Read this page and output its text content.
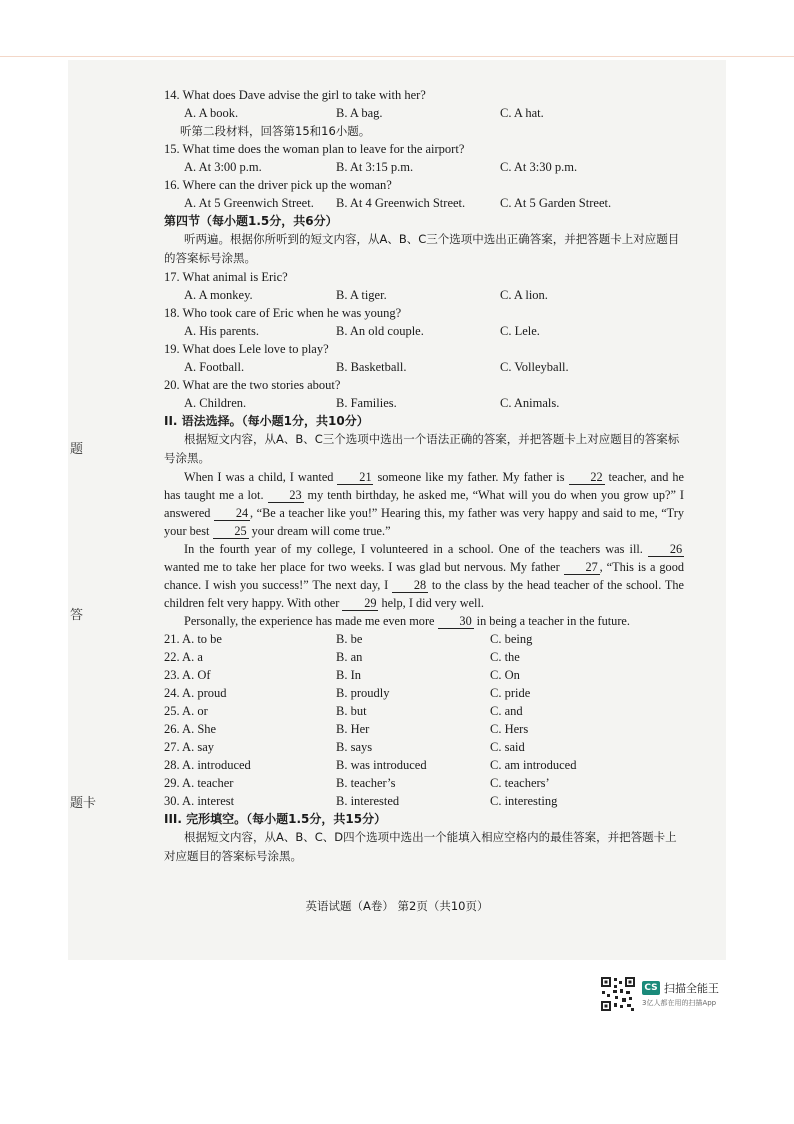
题
答
题卡
14. What does Dave advise the girl to take with her?
A. A book.	B. A bag.	C. A hat.
听第二段材料，回答第15和16小题。
15. What time does the woman plan to leave for the airport?
A. At 3:00 p.m.	B. At 3:15 p.m.	C. At 3:30 p.m.
16. Where can the driver pick up the woman?
A. At 5 Greenwich Street. B. At 4 Greenwich Street.	C. At 5 Garden Street.
第四节（每小题1.5分，共6分）
听两遍。根据你所听到的短文内容，从A、B、C三个选项中选出正确答案，并把答题卡上对应题目的答案标号涂黑。
17. What animal is Eric?
A. A monkey.	B. A tiger.	C. A lion.
18. Who took care of Eric when he was young?
A. His parents.	B. An old couple.	C. Lele.
19. What does Lele love to play?
A. Football.	B. Basketball.	C. Volleyball.
20. What are the two stories about?
A. Children.	B. Families.	C. Animals.
II. 语法选择。（每小题1分，共10分）
根据短文内容，从A、B、C三个选项中选出一个语法正确的答案，并把答题卡上对应题目的答案标号涂黑。
When I was a child, I wanted 21 someone like my father. My father is 22 teacher, and he has taught me a lot. 23 my tenth birthday, he asked me, “What will you do when you grow up?” I answered 24 , “Be a teacher like you!” Hearing this, my father was very happy and said to me, “Try your best 25 your dream will come true.”
In the fourth year of my college, I volunteered in a school. One of the teachers was ill. 26 wanted me to take her place for two weeks. I was glad but nervous. My father 27 , “This is a good chance. I wish you success!” The next day, I 28 to the class by the head teacher of the school. The children felt very happy. With other 29 help, I did very well.
Personally, the experience has made me even more 30 in being a teacher in the future.
21. A. to be	B. be	C. being
22. A. a	B. an	C. the
23. A. Of	B. In	C. On
24. A. proud	B. proudly	C. pride
25. A. or	B. but	C. and
26. A. She	B. Her	C. Hers
27. A. say	B. says	C. said
28. A. introduced	B. was introduced	C. am introduced
29. A. teacher	B. teacher’s	C. teachers’
30. A. interest	B. interested	C. interesting
III. 完形填空。（每小题1.5分，共15分）
根据短文内容，从A、B、C、D四个选项中选出一个能填入相应空格内的最佳答案，并把答题卡上对应题目的答案标号涂黑。
英语试题（A卷） 第2页（共10页）
CS 扫描全能王
3亿人都在用的扫描App
